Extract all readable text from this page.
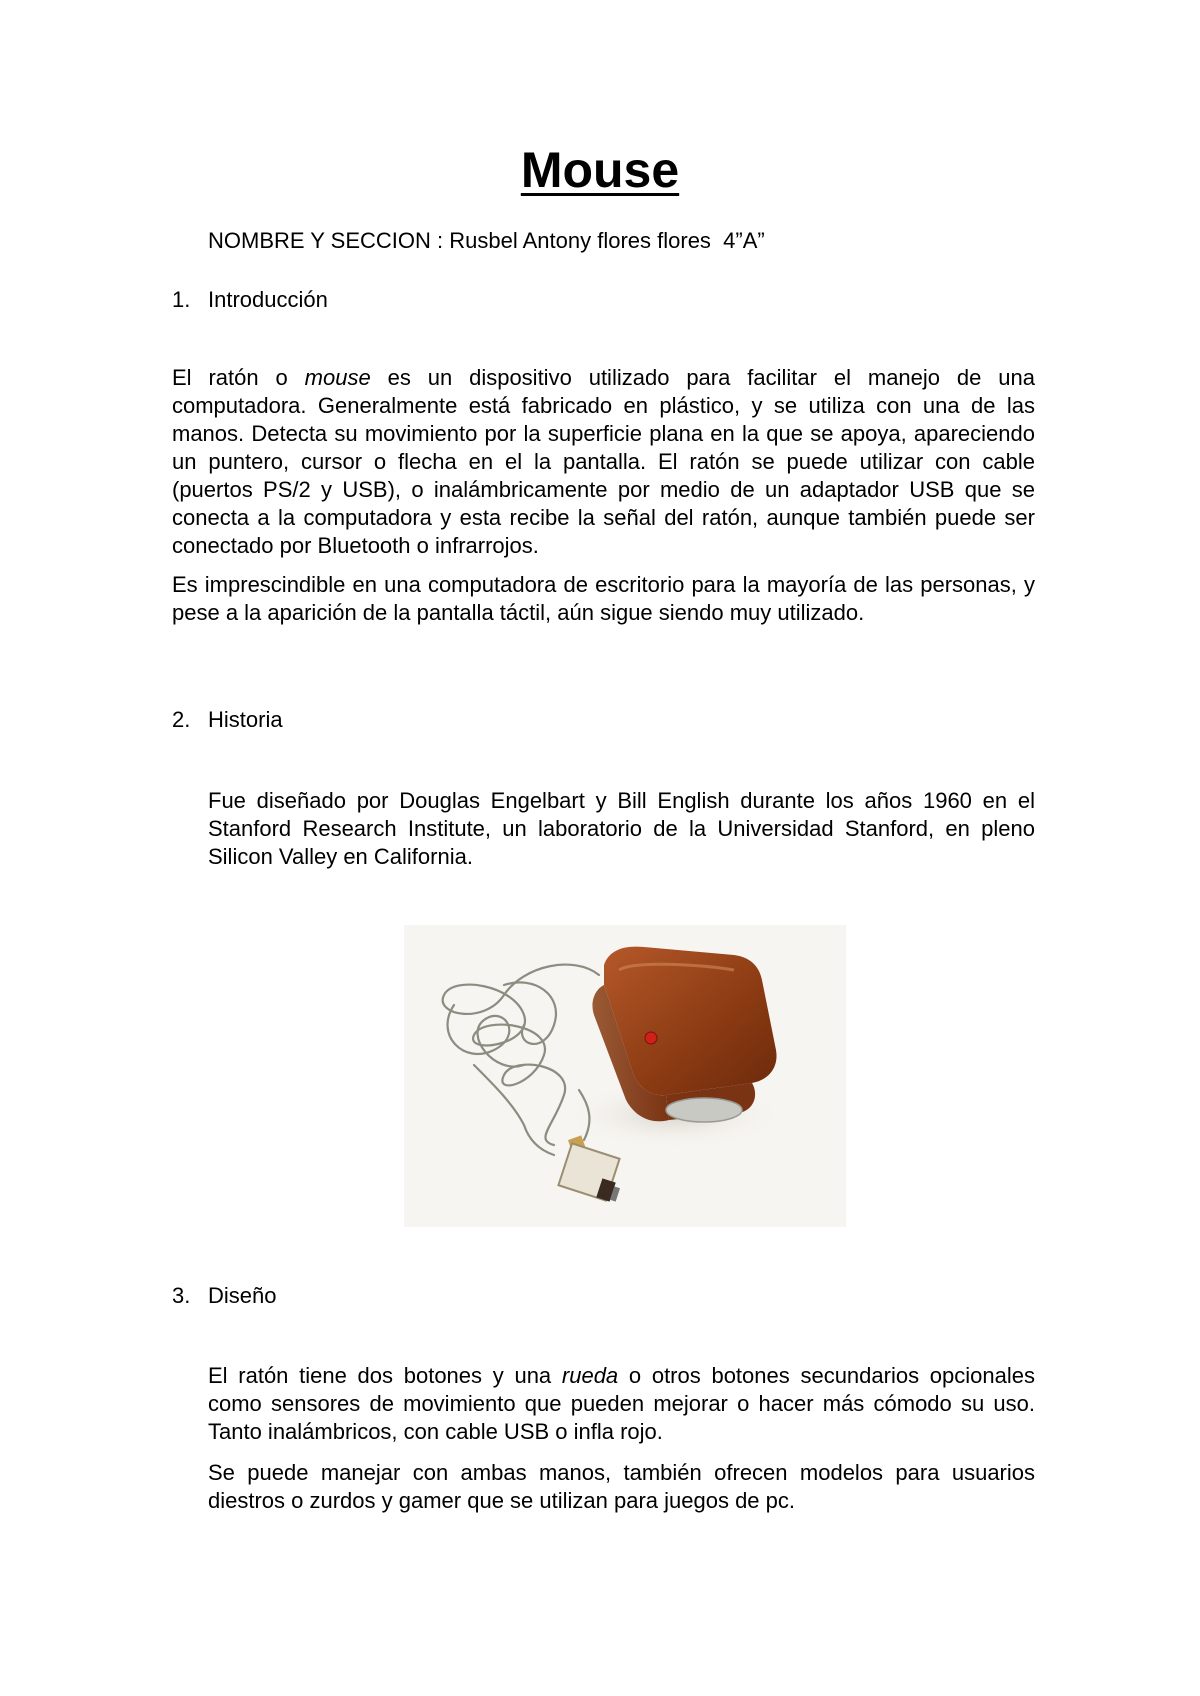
Mouse
NOMBRE Y SECCION : Rusbel Antony flores flores  4”A”
1. Introducción

El ratón o mouse es un dispositivo utilizado para facilitar el manejo de una computadora. Generalmente está fabricado en plástico, y se utiliza con una de las manos. Detecta su movimiento por la superficie plana en la que se apoya, apareciendo un puntero, cursor o flecha en el la pantalla. El ratón se puede utilizar con cable (puertos PS/2 y USB), o inalámbricamente por medio de un adaptador USB que se conecta a la computadora y esta recibe la señal del ratón, aunque también puede ser conectado por Bluetooth o infrarrojos.

Es imprescindible en una computadora de escritorio para la mayoría de las personas, y pese a la aparición de la pantalla táctil, aún sigue siendo muy utilizado.

2. Historia

Fue diseñado por Douglas Engelbart y Bill English durante los años 1960 en el Stanford Research Institute, un laboratorio de la Universidad Stanford, en pleno Silicon Valley en California.

3. Diseño

El ratón tiene dos botones y una rueda o otros botones secundarios opcionales como sensores de movimiento que pueden mejorar o hacer más cómodo su uso. Tanto inalámbricos, con cable USB o infla rojo.

Se puede manejar con ambas manos, también ofrecen modelos para usuarios diestros o zurdos y gamer que se utilizan para juegos de pc.
